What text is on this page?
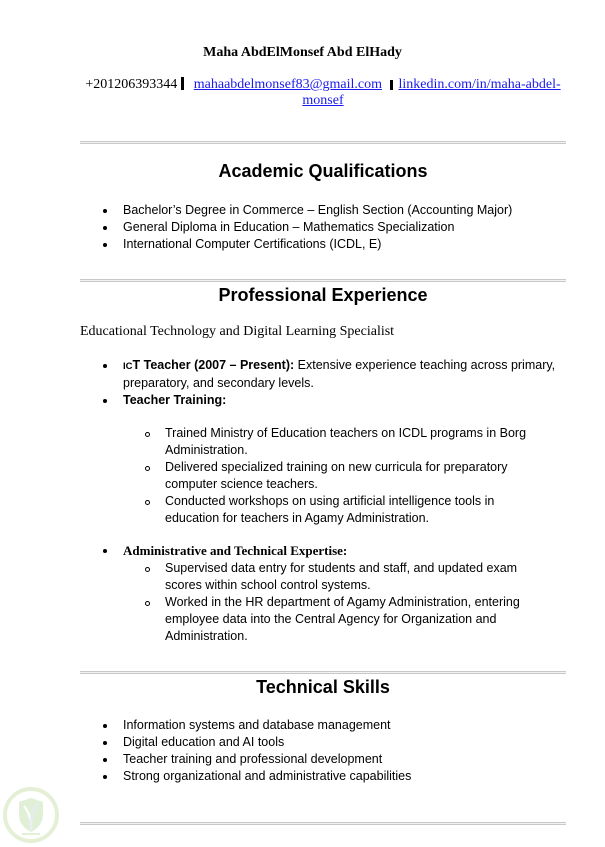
Maha AbdElMonsef Abd ElHady
+201206393344 mahaabdelmonsef83@gmail.com linkedin.com/in/maha-abdel-
monsef
Academic Qualifications
Bachelor’s Degree in Commerce – English Section (Accounting Major)
General Diploma in Education – Mathematics Specialization
International Computer Certifications (ICDL, E)
Professional Experience
Educational Technology and Digital Learning Specialist
ICT Teacher (2007 – Present): Extensive experience teaching across primary, preparatory, and secondary levels.
Teacher Training:
Trained Ministry of Education teachers on ICDL programs in Borg Administration.
Delivered specialized training on new curricula for preparatory computer science teachers.
Conducted workshops on using artificial intelligence tools in education for teachers in Agamy Administration.
Administrative and Technical Expertise:
Supervised data entry for students and staff, and updated exam scores within school control systems.
Worked in the HR department of Agamy Administration, entering employee data into the Central Agency for Organization and Administration.
Technical Skills
Information systems and database management
Digital education and AI tools
Teacher training and professional development
Strong organizational and administrative capabilities
